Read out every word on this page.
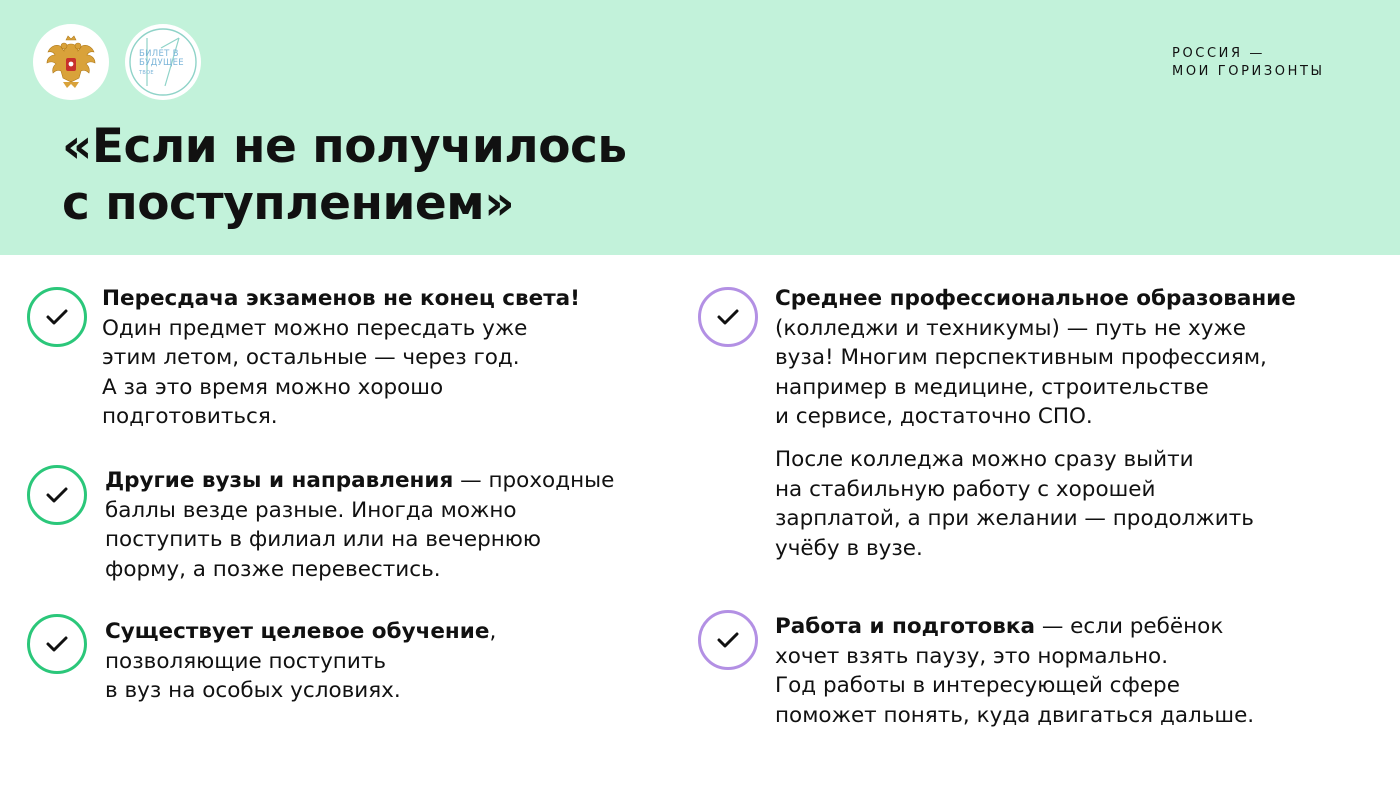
БИЛЕТ В БУДУЩЕЕ ТВОЕ
РОССИЯ —
МОИ ГОРИЗОНТЫ
«Если не получилось
с поступлением»
Пересдача экзаменов не конец света!
Один предмет можно пересдать уже
этим летом, остальные — через год.
А за это время можно хорошо
подготовиться.
Другие вузы и направления — проходные
баллы везде разные. Иногда можно
поступить в филиал или на вечернюю
форму, а позже перевестись.
Существует целевое обучение,
позволяющие поступить
в вуз на особых условиях.
Среднее профессиональное образование
(колледжи и техникумы) — путь не хуже
вуза! Многим перспективным профессиям,
например в медицине, строительстве
и сервисе, достаточно СПО.
После колледжа можно сразу выйти
на стабильную работу с хорошей
зарплатой, а при желании — продолжить
учёбу в вузе.
Работа и подготовка — если ребёнок
хочет взять паузу, это нормально.
Год работы в интересующей сфере
поможет понять, куда двигаться дальше.
